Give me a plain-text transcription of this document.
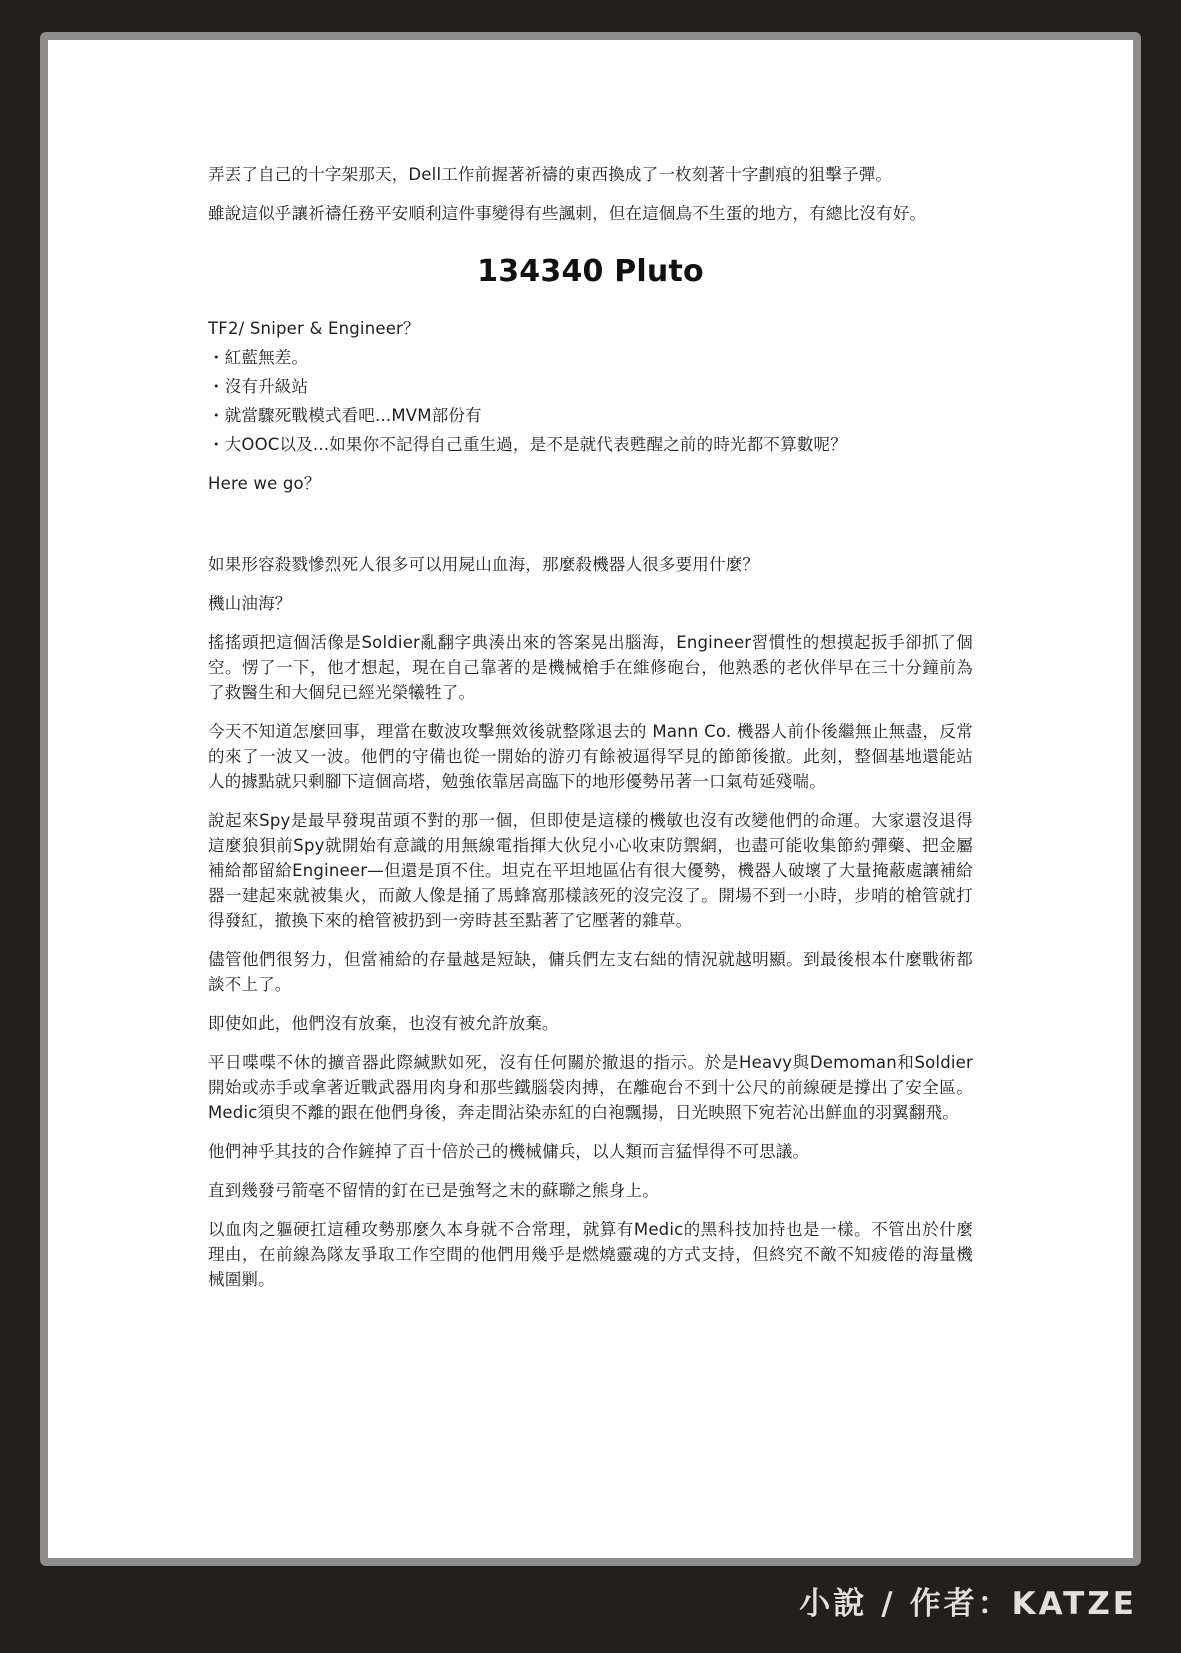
弄丟了自己的十字架那天，Dell工作前握著祈禱的東西換成了一枚刻著十字劃痕的狙擊子彈。

雖說這似乎讓祈禱任務平安順利這件事變得有些諷刺，但在這個鳥不生蛋的地方，有總比沒有好。

134340 Pluto
TF2/ Sniper & Engineer？
・紅藍無差。
・沒有升級站
・就當驟死戰模式看吧...MVM部份有
・大OOC以及...如果你不記得自己重生過，是不是就代表甦醒之前的時光都不算數呢？

Here we go？

如果形容殺戮慘烈死人很多可以用屍山血海，那麼殺機器人很多要用什麼？

機山油海？

搖搖頭把這個活像是Soldier亂翻字典湊出來的答案晃出腦海，Engineer習慣性的想摸起扳手卻抓了個空。愣了一下，他才想起，現在自己靠著的是機械槍手在維修砲台，他熟悉的老伙伴早在三十分鐘前為了救醫生和大個兒已經光榮犧牲了。

今天不知道怎麼回事，理當在數波攻擊無效後就整隊退去的 Mann Co. 機器人前仆後繼無止無盡，反常的來了一波又一波。他們的守備也從一開始的游刃有餘被逼得罕見的節節後撤。此刻，整個基地還能站人的據點就只剩腳下這個高塔，勉強依靠居高臨下的地形優勢吊著一口氣苟延殘喘。

說起來Spy是最早發現苗頭不對的那一個，但即使是這樣的機敏也沒有改變他們的命運。大家還沒退得這麼狼狽前Spy就開始有意識的用無線電指揮大伙兒小心收束防禦網，也盡可能收集節約彈藥、把金屬補給都留給Engineer—但還是頂不住。坦克在平坦地區佔有很大優勢，機器人破壞了大量掩蔽處讓補給器一建起來就被集火，而敵人像是捅了馬蜂窩那樣該死的沒完沒了。開場不到一小時，步哨的槍管就打得發紅，撤換下來的槍管被扔到一旁時甚至點著了它壓著的雜草。

儘管他們很努力，但當補給的存量越是短缺，傭兵們左支右絀的情況就越明顯。到最後根本什麼戰術都談不上了。

即使如此，他們沒有放棄，也沒有被允許放棄。

平日喋喋不休的擴音器此際緘默如死，沒有任何關於撤退的指示。於是Heavy與Demoman和Soldier開始或赤手或拿著近戰武器用肉身和那些鐵腦袋肉搏，在離砲台不到十公尺的前線硬是撐出了安全區。Medic須臾不離的跟在他們身後，奔走間沾染赤紅的白袍飄揚，日光映照下宛若沁出鮮血的羽翼翻飛。

他們神乎其技的合作鏟掉了百十倍於己的機械傭兵，以人類而言猛悍得不可思議。

直到幾發弓箭毫不留情的釘在已是強弩之末的蘇聯之熊身上。

以血肉之軀硬扛這種攻勢那麼久本身就不合常理，就算有Medic的黑科技加持也是一樣。不管出於什麼理由，在前線為隊友爭取工作空間的他們用幾乎是燃燒靈魂的方式支持，但終究不敵不知疲倦的海量機械圍剿。

小說 / 作者：KATZE
